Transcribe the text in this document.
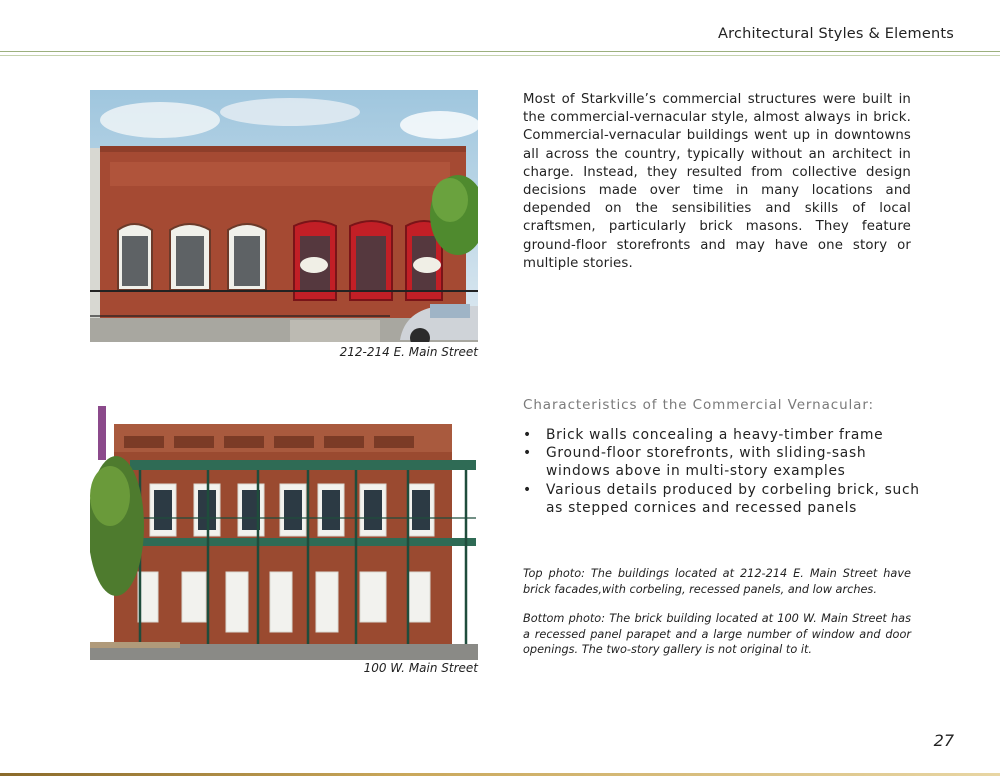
Architectural Styles & Elements
212-214 E. Main Street
Most of Starkville’s commercial structures were built in the commercial-vernacular style, almost always in brick. Commercial-vernacular buildings went up in downtowns all across the country, typically without an architect in charge. Instead, they resulted from collective design decisions made over time in many locations and depended on the sensibilities and skills of local craftsmen, particularly brick masons. They feature ground-floor storefronts and may have one story or multiple stories.
100 W. Main Street
Characteristics of the Commercial Vernacular:
• Brick walls concealing a heavy-timber frame
• Ground-floor storefronts, with sliding-sash windows above in multi-story examples
• Various details produced by corbeling brick, such as stepped cornices and recessed panels
Top photo: The buildings located at 212-214 E. Main Street have brick facades,with corbeling, recessed panels, and low arches.
Bottom photo: The brick building located at 100 W. Main Street has a recessed panel parapet and a large number of window and door openings. The two-story gallery is not original to it.
27
